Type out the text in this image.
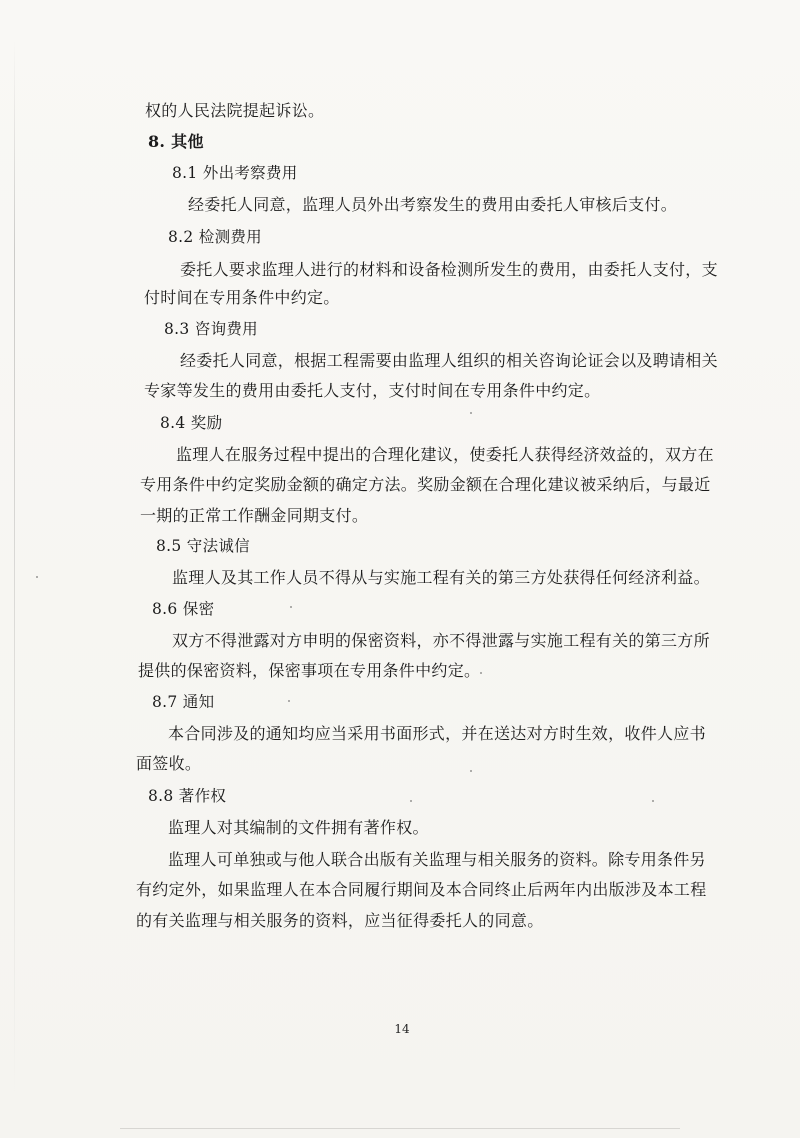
权的人民法院提起诉讼。
8. 其他
8.1 外出考察费用
经委托人同意，监理人员外出考察发生的费用由委托人审核后支付。
8.2 检测费用
委托人要求监理人进行的材料和设备检测所发生的费用，由委托人支付，支
付时间在专用条件中约定。
8.3 咨询费用
经委托人同意，根据工程需要由监理人组织的相关咨询论证会以及聘请相关
专家等发生的费用由委托人支付，支付时间在专用条件中约定。
8.4 奖励
监理人在服务过程中提出的合理化建议，使委托人获得经济效益的，双方在
专用条件中约定奖励金额的确定方法。奖励金额在合理化建议被采纳后，与最近
一期的正常工作酬金同期支付。
8.5 守法诚信
监理人及其工作人员不得从与实施工程有关的第三方处获得任何经济利益。
8.6 保密
双方不得泄露对方申明的保密资料，亦不得泄露与实施工程有关的第三方所
提供的保密资料，保密事项在专用条件中约定。
8.7 通知
本合同涉及的通知均应当采用书面形式，并在送达对方时生效，收件人应书
面签收。
8.8 著作权
监理人对其编制的文件拥有著作权。
监理人可单独或与他人联合出版有关监理与相关服务的资料。除专用条件另
有约定外，如果监理人在本合同履行期间及本合同终止后两年内出版涉及本工程
的有关监理与相关服务的资料，应当征得委托人的同意。
14
